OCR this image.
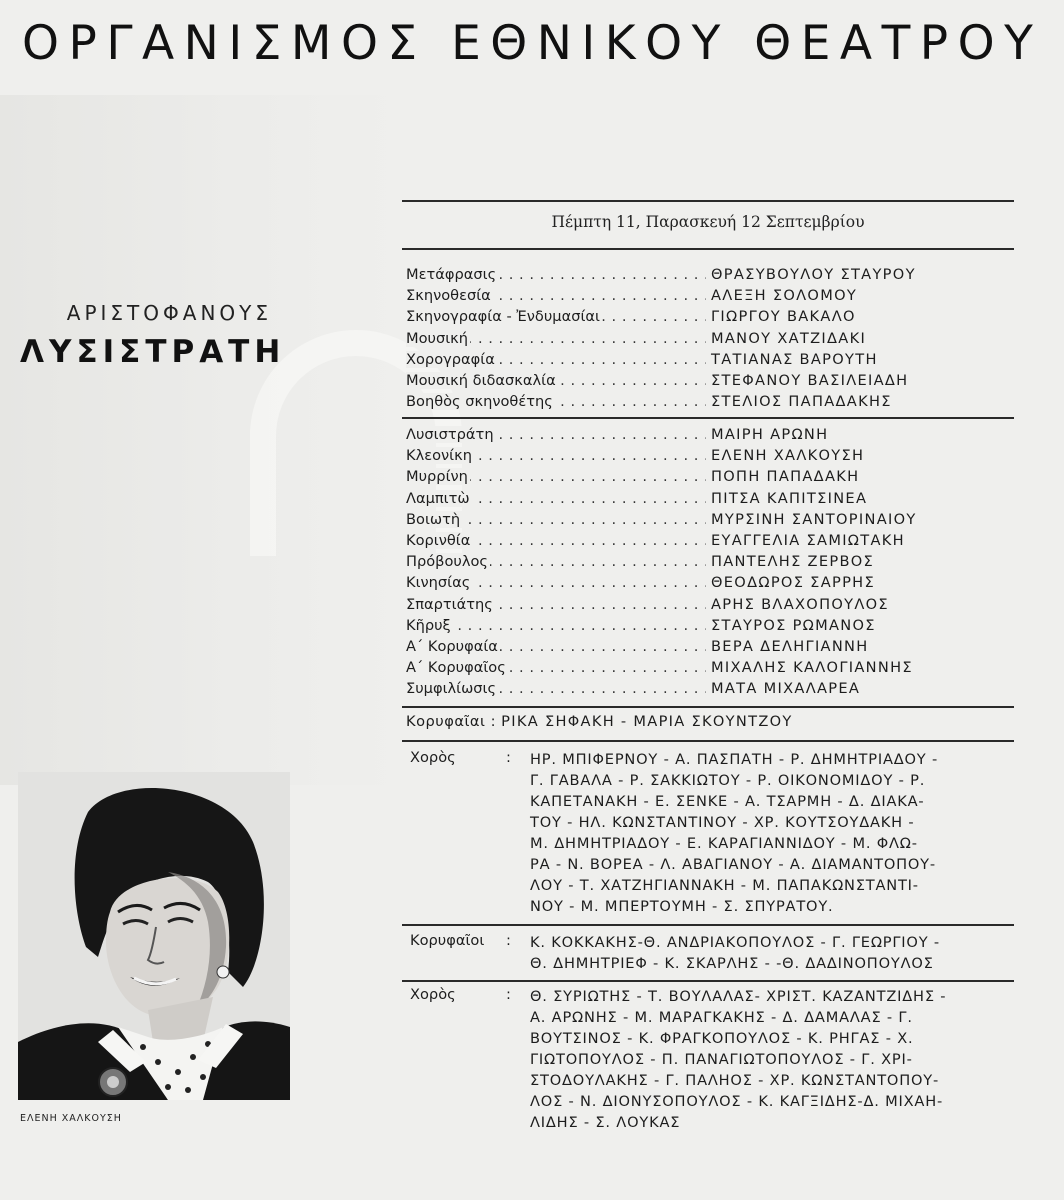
ΟΡΓΑΝΙΣΜΟΣ ΕΘΝΙΚΟΥ ΘΕΑΤΡΟΥ
ΑΡΙΣΤΟΦΑΝΟΥΣ
ΛΥΣΙΣΤΡΑΤΗ
Πέμπτη 11, Παρασκευή 12 Σεπτεμβρίου
Μετάφρασις . . .	ΘΡΑΣΥΒΟΥΛΟΥ ΣΤΑΥΡΟΥ
Σκηνοθεσία . . .	ΑΛΕΞΗ ΣΟΛΟΜΟΥ
Σκηνογραφία - Ἐνδυμασίαι . . .	ΓΙΩΡΓΟΥ ΒΑΚΑΛΟ
Μουσική . . .	ΜΑΝΟΥ ΧΑΤΖΙΔΑΚΙ
Χορογραφία . . .	ΤΑΤΙΑΝΑΣ ΒΑΡΟΥΤΗ
Μουσική διδασκαλία . . .	ΣΤΕΦΑΝΟΥ ΒΑΣΙΛΕΙΑΔΗ
Βοηθὸς σκηνοθέτης . . .	ΣΤΕΛΙΟΣ ΠΑΠΑΔΑΚΗΣ
Λυσιστράτη . . .	ΜΑΙΡΗ ΑΡΩΝΗ
Κλεονίκη . . .	ΕΛΕΝΗ ΧΑΛΚΟΥΣΗ
Μυρρίνη . . .	ΠΟΠΗ ΠΑΠΑΔΑΚΗ
Λαμπιτὼ . . .	ΠΙΤΣΑ ΚΑΠΙΤΣΙΝΕΑ
Βοιωτὴ . . .	ΜΥΡΣΙΝΗ ΣΑΝΤΟΡΙΝΑΙΟΥ
Κορινθία . . .	ΕΥΑΓΓΕΛΙΑ ΣΑΜΙΩΤΑΚΗ
Πρόβουλος . . .	ΠΑΝΤΕΛΗΣ ΖΕΡΒΟΣ
Κινησίας . . .	ΘΕΟΔΩΡΟΣ ΣΑΡΡΗΣ
Σπαρτιάτης . . .	ΑΡΗΣ ΒΛΑΧΟΠΟΥΛΟΣ
Κῆρυξ . . .	ΣΤΑΥΡΟΣ ΡΩΜΑΝΟΣ
Α΄ Κορυφαία . . .	ΒΕΡΑ ΔΕΛΗΓΙΑΝΝΗ
Α΄ Κορυφαῖος . . .	ΜΙΧΑΛΗΣ ΚΑΛΟΓΙΑΝΝΗΣ
Συμφιλίωσις . . .	ΜΑΤΑ ΜΙΧΑΛΑΡΕΑ
Κορυφαῖαι : ΡΙΚΑ ΣΗΦΑΚΗ - ΜΑΡΙΑ ΣΚΟΥΝΤΖΟΥ
Χορὸς	: ΗΡ. ΜΠΙΦΕΡΝΟΥ - Α. ΠΑΣΠΑΤΗ - Ρ. ΔΗΜΗΤΡΙΑΔΟΥ -
Γ. ΓΑΒΑΛΑ - Ρ. ΣΑΚΚΙΩΤΟΥ - Ρ. ΟΙΚΟΝΟΜΙΔΟΥ - Ρ.
ΚΑΠΕΤΑΝΑΚΗ - Ε. ΣΕΝΚΕ - Α. ΤΣΑΡΜΗ - Δ. ΔΙΑΚΑ-
ΤΟΥ - ΗΛ. ΚΩΝΣΤΑΝΤΙΝΟΥ - ΧΡ. ΚΟΥΤΣΟΥΔΑΚΗ -
Μ. ΔΗΜΗΤΡΙΑΔΟΥ - Ε. ΚΑΡΑΓΙΑΝΝΙΔΟΥ - Μ. ΦΛΩ-
ΡΑ - Ν. ΒΟΡΕΑ - Λ. ΑΒΑΓΙΑΝΟΥ - Α. ΔΙΑΜΑΝΤΟΠΟΥ-
ΛΟΥ - Τ. ΧΑΤΖΗΓΙΑΝΝΑΚΗ - Μ. ΠΑΠΑΚΩΝΣΤΑΝΤΙ-
ΝΟΥ - Μ. ΜΠΕΡΤΟΥΜΗ - Σ. ΣΠΥΡΑΤΟΥ.
Κορυφαῖοι : Κ. ΚΟΚΚΑΚΗΣ-Θ. ΑΝΔΡΙΑΚΟΠΟΥΛΟΣ - Γ. ΓΕΩΡΓΙΟΥ -
Θ. ΔΗΜΗΤΡΙΕΦ - Κ. ΣΚΑΡΛΗΣ - -Θ. ΔΑΔΙΝΟΠΟΥΛΟΣ
Χορὸς	: Θ. ΣΥΡΙΩΤΗΣ - Τ. ΒΟΥΛΑΛΑΣ- ΧΡΙΣΤ. ΚΑΖΑΝΤΖΙΔΗΣ -
Α. ΑΡΩΝΗΣ - Μ. ΜΑΡΑΓΚΑΚΗΣ - Δ. ΔΑΜΑΛΑΣ - Γ.
ΒΟΥΤΣΙΝΟΣ - Κ. ΦΡΑΓΚΟΠΟΥΛΟΣ - Κ. ΡΗΓΑΣ - Χ.
ΓΙΩΤΟΠΟΥΛΟΣ - Π. ΠΑΝΑΓΙΩΤΟΠΟΥΛΟΣ - Γ. ΧΡΙ-
ΣΤΟΔΟΥΛΑΚΗΣ - Γ. ΠΑΛΗΟΣ - ΧΡ. ΚΩΝΣΤΑΝΤΟΠΟΥ-
ΛΟΣ - Ν. ΔΙΟΝΥΣΟΠΟΥΛΟΣ - Κ. ΚΑΓΞΙΔΗΣ-Δ. ΜΙΧΑΗ-
ΛΙΔΗΣ - Σ. ΛΟΥΚΑΣ
ΕΛΕΝΗ ΧΑΛΚΟΥΣΗ
